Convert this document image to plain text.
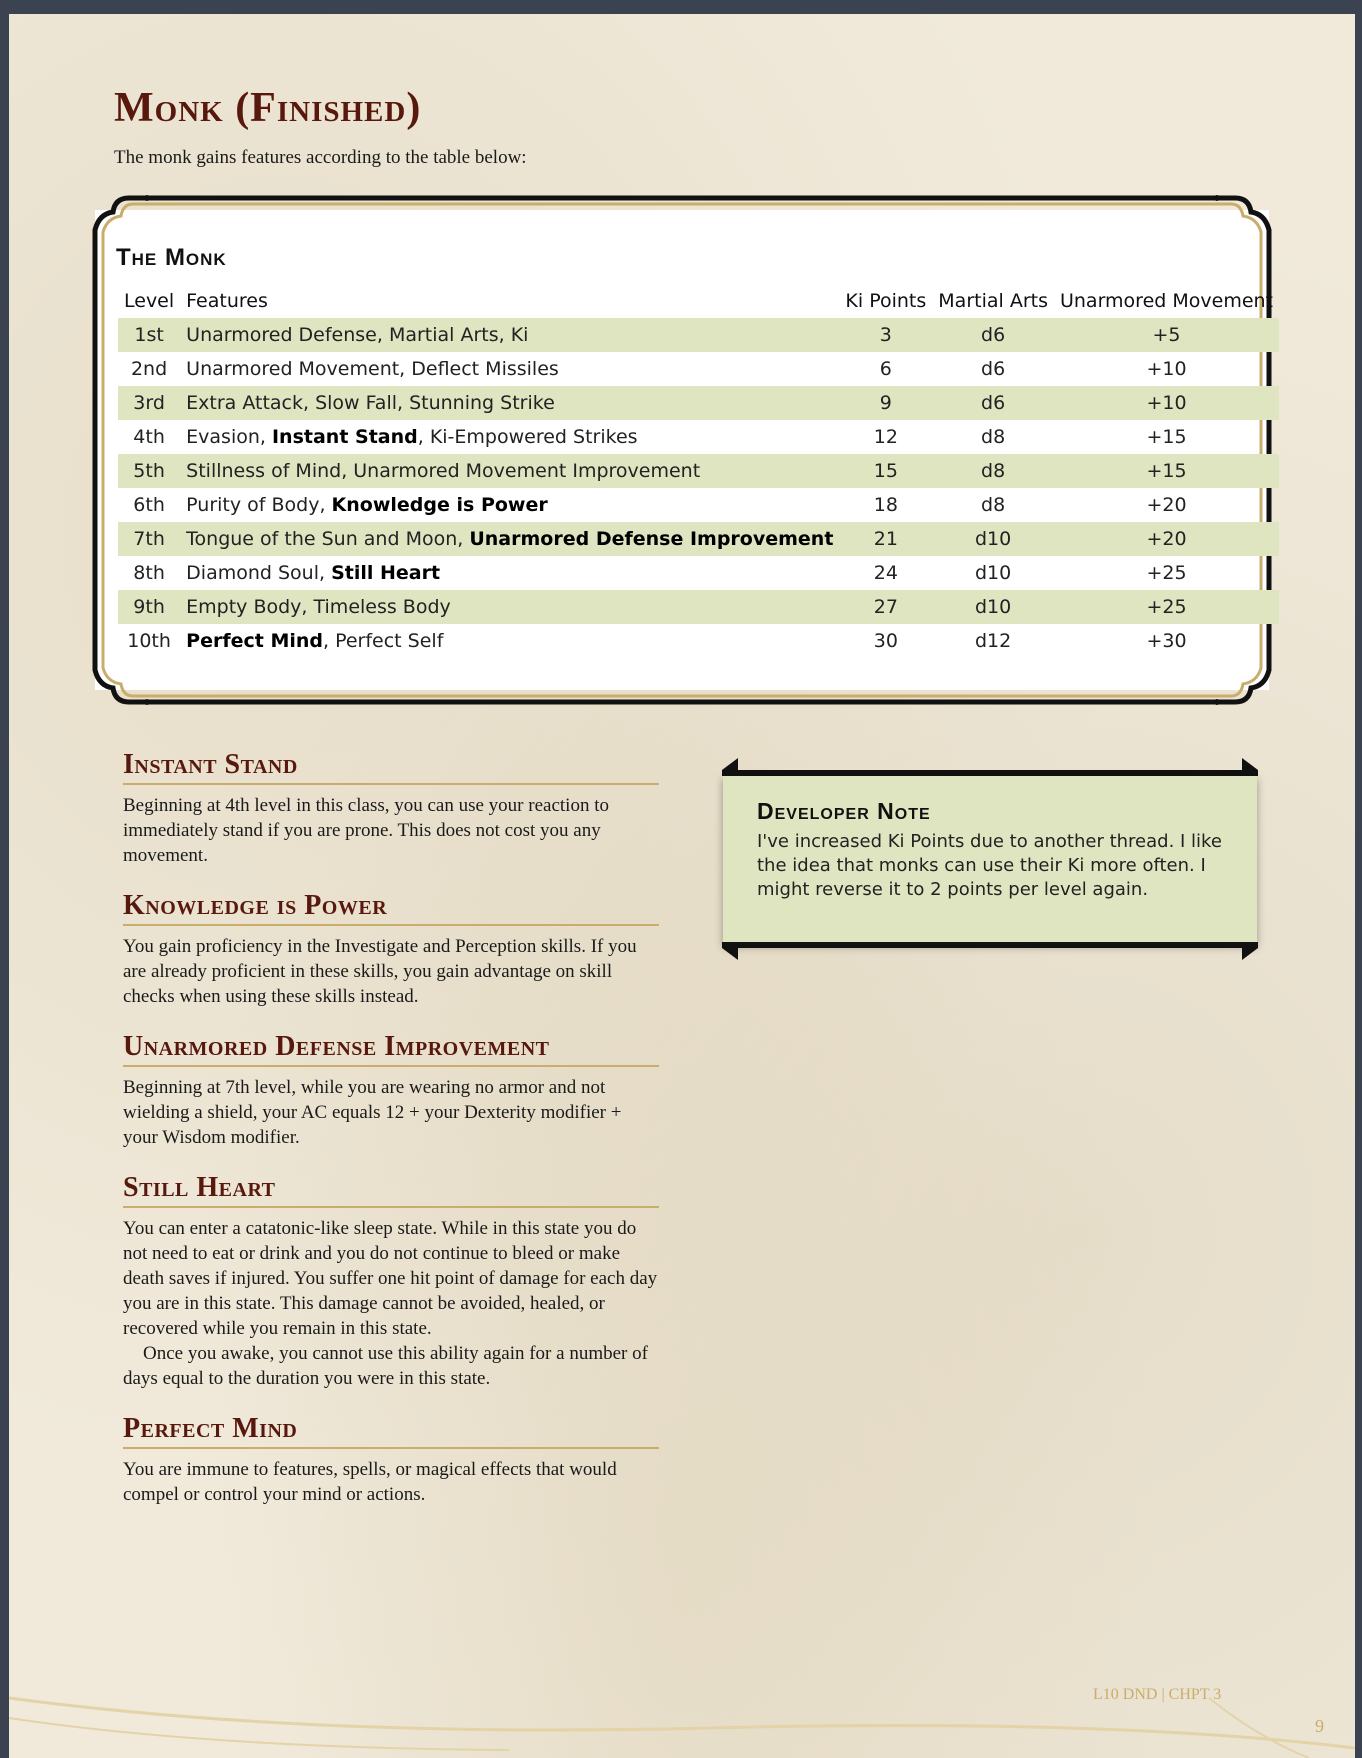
Monk (Finished)

The monk gains features according to the table below:

The Monk
Level	Features	Ki Points	Martial Arts	Unarmored Movement
1st	Unarmored Defense, Martial Arts, Ki	3	d6	+5
2nd	Unarmored Movement, Deflect Missiles	6	d6	+10
3rd	Extra Attack, Slow Fall, Stunning Strike	9	d6	+10
4th	Evasion, Instant Stand, Ki-Empowered Strikes	12	d8	+15
5th	Stillness of Mind, Unarmored Movement Improvement	15	d8	+15
6th	Purity of Body, Knowledge is Power	18	d8	+20
7th	Tongue of the Sun and Moon, Unarmored Defense Improvement	21	d10	+20
8th	Diamond Soul, Still Heart	24	d10	+25
9th	Empty Body, Timeless Body	27	d10	+25
10th	Perfect Mind, Perfect Self	30	d12	+30
Instant Stand

Beginning at 4th level in this class, you can use your reaction to immediately stand if you are prone. This does not cost you any movement.

Knowledge is Power

You gain proficiency in the Investigate and Perception skills. If you are already proficient in these skills, you gain advantage on skill checks when using these skills instead.

Unarmored Defense Improvement

Beginning at 7th level, while you are wearing no armor and not wielding a shield, your AC equals 12 + your Dexterity modifier + your Wisdom modifier.

Still Heart

You can enter a catatonic-like sleep state. While in this state you do not need to eat or drink and you do not continue to bleed or make death saves if injured. You suffer one hit point of damage for each day you are in this state. This damage cannot be avoided, healed, or recovered while you remain in this state.

Once you awake, you cannot use this ability again for a number of days equal to the duration you were in this state.

Perfect Mind

You are immune to features, spells, or magical effects that would compel or control your mind or actions.

Developer Note

I've increased Ki Points due to another thread. I like the idea that monks can use their Ki more often. I might reverse it to 2 points per level again.

L10 DND | CHPT 3
9
